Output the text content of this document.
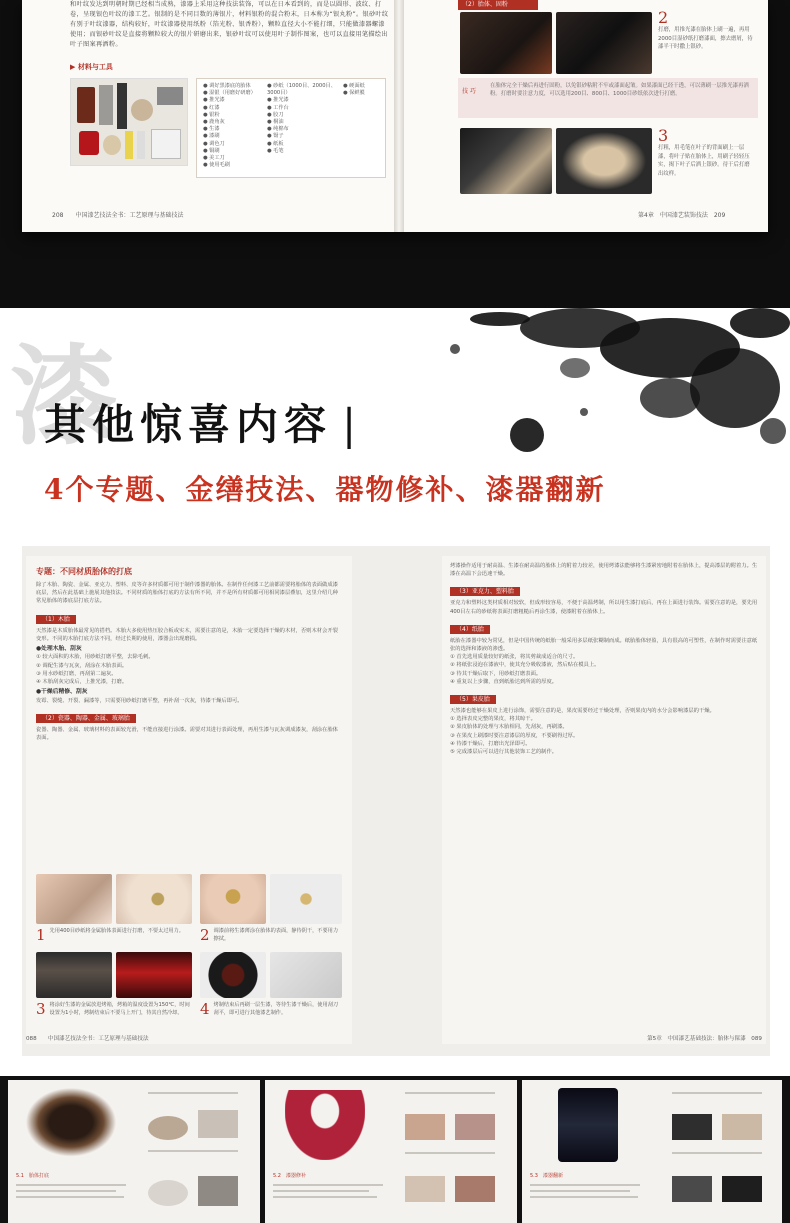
和叶纹发达到明朝时期已经相当成熟，漆器上采用这种技法装饰，可以在日本看到的，而是以圆形、波纹、打卷，呈现银色叶纹的漆工艺。银制的是不同目数的薄银片，材料银粉的混合粉末，日本称为“银丸粉”。银砂叶纹有别于叶纹漆器，结构较好，叶纹漆器使用纸粉（箔光粉、银香粉），颗粒直径大小不能打细，只能做漆器螺漆使用；而银砂叶纹是直接将颗粒较大的银片研磨出来，银砂叶纹可以使用叶子制作图案，也可以直接用笔描绘出叶子图案再洒粉。
▶ 材料与工具
● 调好黑漆底的胎体
● 湿银（用磨好研磨）
● 推光漆
● 红漆
● 银粉
● 鹿角灰
● 生漆
● 漆刷
● 调色刀
● 铜刷
● 美工刀
● 使用毛刷
● 砂纸（1000目、2000目、3000目）
● 推光漆
● 工作台
● 胶刀
● 桐油
● 纯棉布
● 镊子
● 纸板
● 毛笔
● 硬面纸
● 保鲜膜
208　　中国漆艺技法全书：工艺原理与基础技法
（2）胎体、固粉
2
打磨，用推光漆在胎体上刷一遍，再用2000目湿砂纸打磨漆面，擦去磨屑，待漆半干时撒上银砂。
技 巧
在胎体完全干燥后再进行固粉，以免银砂粘附不牢或漆面起皱。如果漆面已经干透，可以薄刷一层推光漆再洒粉。打磨时要注意力度，可以选用200目、800目、1000目砂纸依次进行打磨。
3
打粗，用毛笔在叶子的背面刷上一层漆，将叶子贴在胎体上，用刷子轻轻压实，揭下叶子后洒上银砂。待干后打磨出纹样。
第4章　中国漆艺装饰技法　209
漆
其他惊喜内容 |
4个专题、金缮技法、器物修补、漆器翻新
专题：不同材质胎体的打底
除了木胎、陶瓷、金属、亚克力、塑料、皮等许多材质都可用于制作漆器的胎体。在制作任何漆工艺前都需要将胎体的表面做成漆底层，然后在此基础上施展其他技法。不同材质的胎体打底的方法有所不同，并不是所有材质都可用相同漆层叠加，这里介绍几种常见胎体的漆底层打底方法。
（1）木胎
天然漆是木质胎体最常见的搭档。木胎大多使用热压胶合板或实木，需要注意的是，木胎一定要选择干燥的木材，否则木材会开裂变形。不同的木胎打底方法不同，经过长期的使用，漆器会出现磨损。
●处理木胎、刮灰
① 较大面积的木胎，用砂纸打磨平整，去除毛刺。
② 调配生漆与瓦灰，刮涂在木胎表面。
③ 用水砂纸打磨，再刮第二遍灰。
④ 木胎刮灰完成后，上推光漆，打磨。
●干燥后精修、刮灰
发霉、裂缝、开裂、漏漆等，只需要用砂纸打磨平整，再补刮一次灰，待漆干燥后即可。
（2）瓷器、陶器、金属、玻璃胎
瓷器、陶器、金属、玻璃材料的表面较光滑，不能直接进行涂漆。需要对其进行表面处理，再用生漆与瓦灰调成漆灰，刮涂在胎体表面。
1 先用400目砂纸将金属胎体表面进行打磨，不要太过用力。	2 调漆前将生漆薄涂在胎体的表面，静待阴干，不要用力擦拭。
3 将涂好生漆的金属放进烤箱，烤箱的温度设置为150℃，时间设置为1小时，烤制结束后不要马上开门，待其自然冷却。	4 烤制结束后再刷一层生漆，等待生漆干燥后，使用刮刀刮平，即可进行其他漆艺制作。
088　　中国漆艺技法全书：工艺原理与基础技法
烤漆操作适用于耐高温、生漆在耐高温的胎体上的附着力较差，使用烤漆法能够将生漆紧密地附着在胎体上，提高漆层的附着力。生漆在高温下会迅速干燥。
（3）亚克力、塑料胎
亚克力和塑料这类材质相对较软，但成形较容易，不便于高温烤制，所以用生漆打底后，再在上面进行装饰。需要注意的是，要先用400目左右的砂纸将表面打磨粗糙后再涂生漆，使漆附着在胎体上。
（4）纸胎
纸胎在漆器中较为常见，但是中国传统的纸胎一般采用多层纸张糊制而成。纸胎胎体轻盈，具有很高的可塑性，在制作时需要注意纸张的选择和漆液的渗透。
① 首先选用质量较好的纸张，将其剪裁成适合的尺寸。
② 将纸张浸泡在漆液中，使其充分吸收漆液，然后贴在模具上。
③ 待其干燥后取下，用砂纸打磨表面。
④ 重复以上步骤，直到纸胎达到所需的厚度。
（5）果皮胎
天然漆也能够在果皮上进行涂饰，需要注意的是，果皮需要经过干燥处理，否则果皮内的水分会影响漆层的干燥。
① 选择表皮完整的果皮，将其晾干。
② 果皮胎体的处理与木胎相同，先刮灰，再刷漆。
③ 在果皮上刷漆时要注意漆层的厚度，不要刷得过厚。
④ 待漆干燥后，打磨出光泽即可。
⑤ 完成漆层后可以进行其他装饰工艺的制作。
第5章　中国漆艺基础技法：胎体与髹漆　089
5.1　胎体打底	5.2　漆器修补	5.3　漆器翻新
